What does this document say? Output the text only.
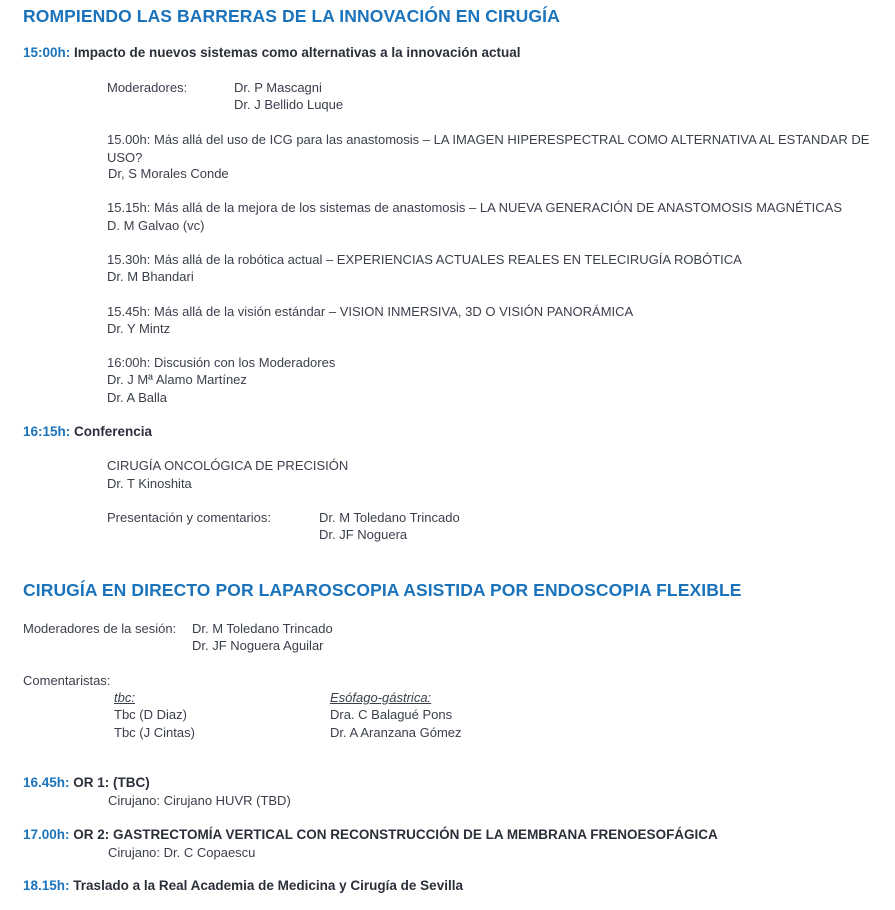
ROMPIENDO LAS BARRERAS DE LA INNOVACIÓN EN CIRUGÍA
15:00h: Impacto de nuevos sistemas como alternativas a la innovación actual
Moderadores:	Dr. P Mascagni
Dr. J Bellido Luque
15.00h: Más allá del uso de ICG para las anastomosis – LA IMAGEN HIPERESPECTRAL COMO ALTERNATIVA AL ESTANDAR DE USO?
Dr, S Morales Conde
15.15h: Más allá de la mejora de los sistemas de anastomosis – LA NUEVA GENERACIÓN DE ANASTOMOSIS MAGNÉTICAS
D. M Galvao (vc)
15.30h: Más allá de la robótica actual – EXPERIENCIAS ACTUALES REALES EN TELECIRUGÍA ROBÓTICA
Dr. M Bhandari
15.45h: Más allá de la visión estándar – VISION INMERSIVA, 3D O VISIÓN PANORÁMICA
Dr. Y Mintz
16:00h: Discusión con los Moderadores
Dr. J Mª Alamo Martínez
Dr. A Balla
16:15h: Conferencia
CIRUGÍA ONCOLÓGICA DE PRECISIÓN
Dr. T Kinoshita
Presentación y comentarios:	Dr. M Toledano Trincado
Dr. JF Noguera
CIRUGÍA EN DIRECTO POR LAPAROSCOPIA ASISTIDA POR ENDOSCOPIA FLEXIBLE
Moderadores de la sesión: Dr. M Toledano Trincado
Dr. JF Noguera Aguilar
Comentaristas:
tbc:
Tbc (D Diaz)
Tbc (J Cintas)
Esófago-gástrica:
Dra. C Balagué Pons
Dr. A Aranzana Gómez
16.45h: OR 1: (TBC)
Cirujano: Cirujano HUVR (TBD)
17.00h: OR 2: GASTRECTOMÍA VERTICAL CON RECONSTRUCCIÓN DE LA MEMBRANA FRENOESOFÁGICA
Cirujano: Dr. C Copaescu
18.15h: Traslado a la Real Academia de Medicina y Cirugía de Sevilla
